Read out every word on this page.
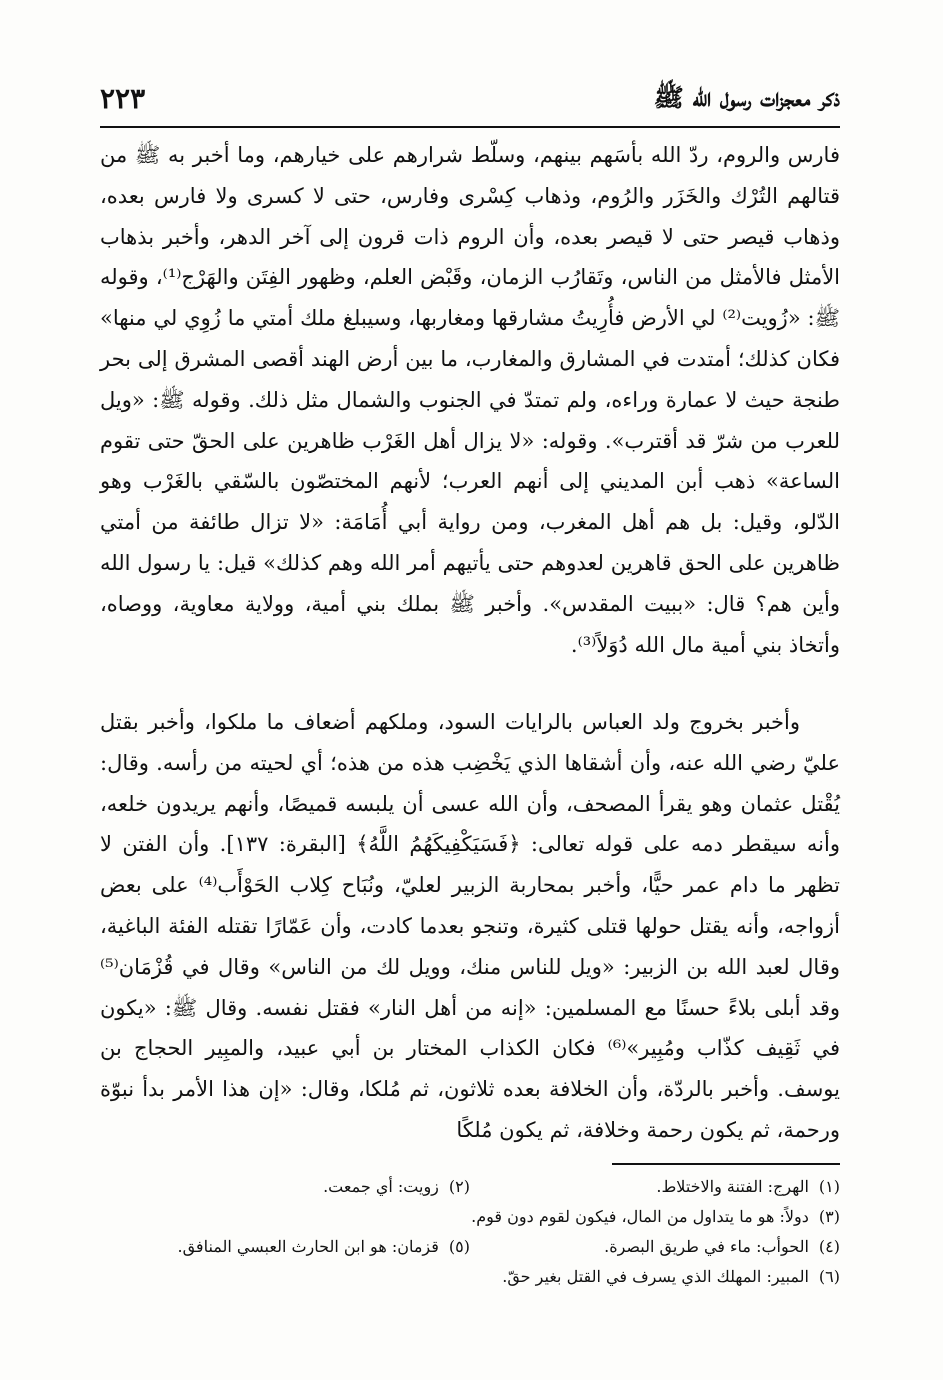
٢٢٣	ذكر معجزات رسول الله ﷺ

فارس والروم، ردّ الله بأسَهم بينهم، وسلّط شرارهم على خيارهم، وما أخبر به ﷺ من قتالهم التُرْك والخَزَر والرُوم، وذهاب كِسْرى وفارس، حتى لا كسرى ولا فارس بعده، وذهاب قيصر حتى لا قيصر بعده، وأن الروم ذات قرون إلى آخر الدهر، وأخبر بذهاب الأمثل فالأمثل من الناس، وتَقارُب الزمان، وقَبْض العلم، وظهور الفِتَن والهَرْج⁽¹⁾، وقوله ﷺ: «زُويت⁽²⁾ لي الأرض فأُرِيتُ مشارقها ومغاربها، وسيبلغ ملك أمتي ما زُوِي لي منها» فكان كذلك؛ أمتدت في المشارق والمغارب، ما بين أرض الهند أقصى المشرق إلى بحر طنجة حيث لا عمارة وراءه، ولم تمتدّ في الجنوب والشمال مثل ذلك. وقوله ﷺ: «ويل للعرب من شرّ قد أقترب». وقوله: «لا يزال أهل الغَرْب ظاهرين على الحقّ حتى تقوم الساعة» ذهب أبن المديني إلى أنهم العرب؛ لأنهم المختصّون بالسّقي بالغَرْب وهو الدّلو، وقيل: بل هم أهل المغرب، ومن رواية أبي أُمَامَة: «لا تزال طائفة من أمتي ظاهرين على الحق قاهرين لعدوهم حتى يأتيهم أمر الله وهم كذلك» قيل: يا رسول الله وأين هم؟ قال: «ببيت المقدس». وأخبر ﷺ بملك بني أمية، وولاية معاوية، ووصاه، وأتخاذ بني أمية مال الله دُوَلاً⁽³⁾.

وأخبر بخروج ولد العباس بالرايات السود، وملكهم أضعاف ما ملكوا، وأخبر بقتل عليّ رضي الله عنه، وأن أشقاها الذي يَخْضِب هذه من هذه؛ أي لحيته من رأسه. وقال: يُقْتل عثمان وهو يقرأ المصحف، وأن الله عسى أن يلبسه قميصًا، وأنهم يريدون خلعه، وأنه سيقطر دمه على قوله تعالى: ﴿فَسَيَكْفِيكَهُمُ اللَّهُ﴾ [البقرة: ١٣٧]. وأن الفتن لا تظهر ما دام عمر حيًّا، وأخبر بمحاربة الزبير لعليّ، ونُبَاح كِلاب الحَوْأَب⁽⁴⁾ على بعض أزواجه، وأنه يقتل حولها قتلى كثيرة، وتنجو بعدما كادت، وأن عَمّارًا تقتله الفئة الباغية، وقال لعبد الله بن الزبير: «ويل للناس منك، وويل لك من الناس» وقال في قُزْمَان⁽⁵⁾ وقد أبلى بلاءً حسنًا مع المسلمين: «إنه من أهل النار» فقتل نفسه. وقال ﷺ: «يكون في ثَقِيف كذّاب ومُبِير»⁽⁶⁾ فكان الكذاب المختار بن أبي عبيد، والمبِير الحجاج بن يوسف. وأخبر بالردّة، وأن الخلافة بعده ثلاثون، ثم مُلكا، وقال: «إن هذا الأمر بدأ نبوّة ورحمة، ثم يكون رحمة وخلافة، ثم يكون مُلكًا

(١)الهرج: الفتنة والاختلاط.
(٢)زويت: أي جمعت.
(٣)دولاً: هو ما يتداول من المال، فيكون لقوم دون قوم.
(٤)الحوأب: ماء في طريق البصرة.
(٥)قزمان: هو ابن الحارث العبسي المنافق.
(٦)المبير: المهلك الذي يسرف في القتل بغير حقّ.
